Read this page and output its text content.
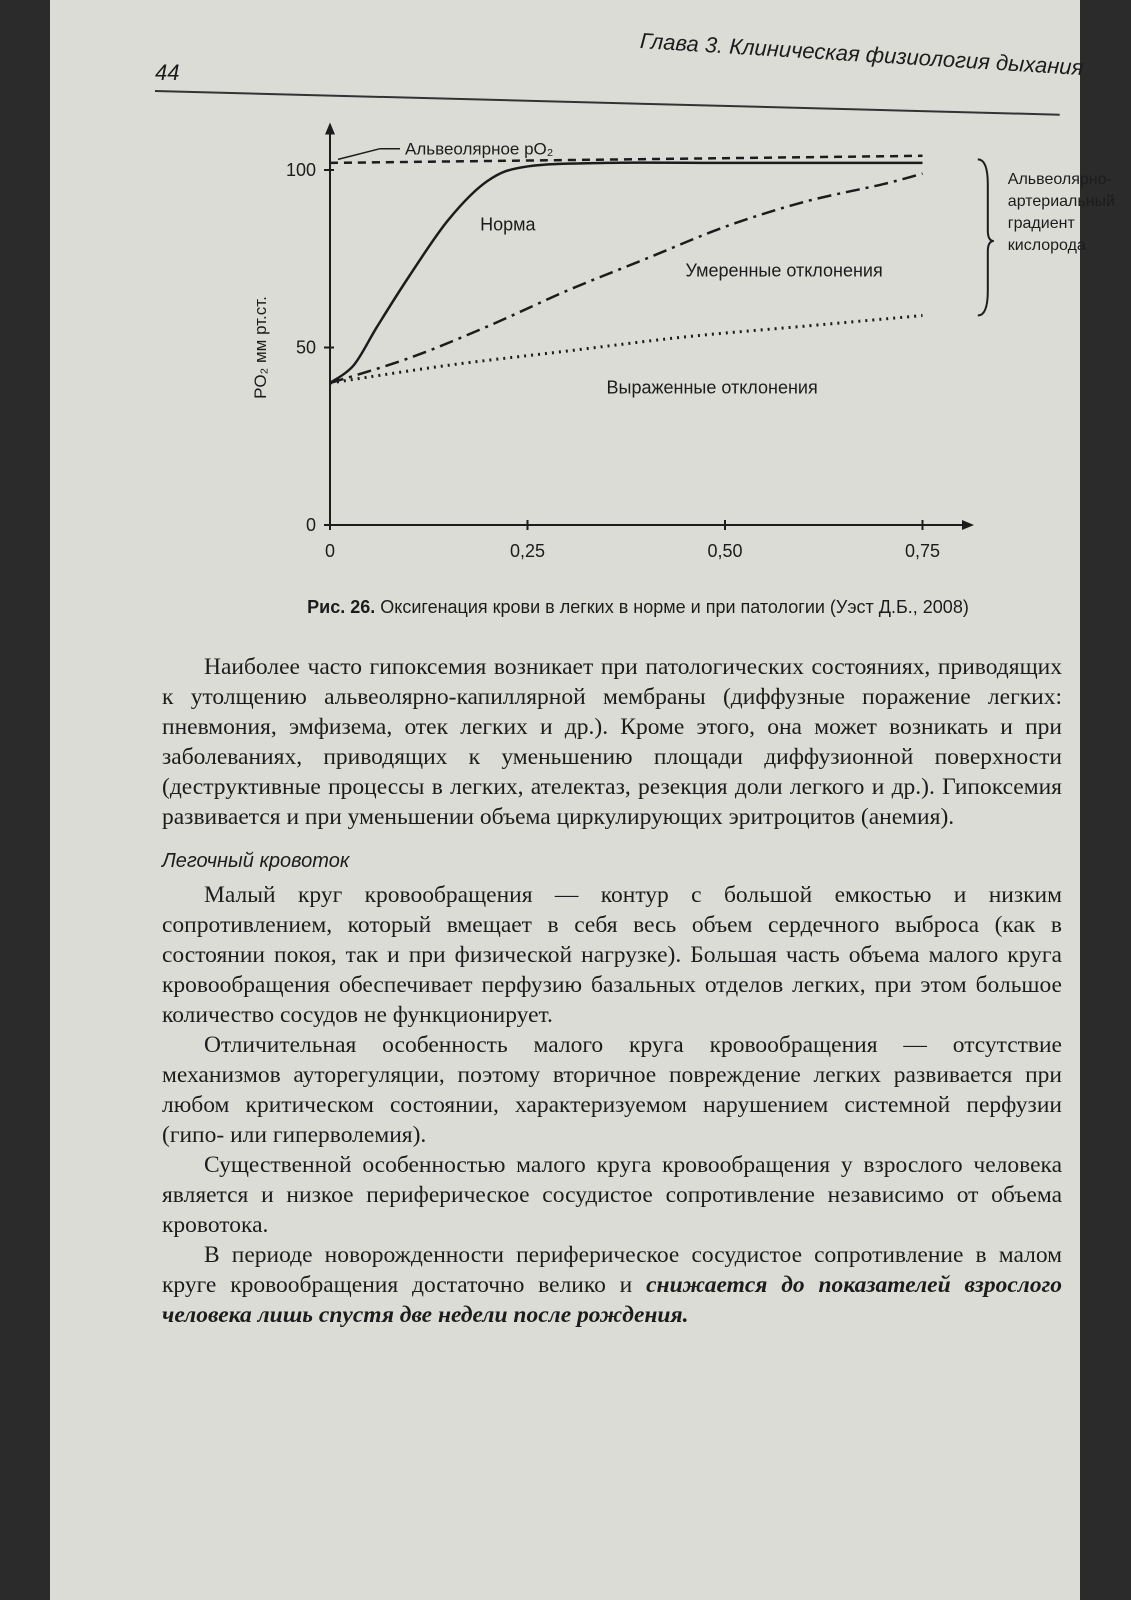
44	Глава 3. Клиническая физиология дыхания
0	0,25	0,50	0,75
0
50
100
PO₂ мм рт.ст.
Альвеолярное pO₂
Норма
Умеренные отклонения
Выраженные отклонения
Альвеолярно-
артериальный
градиент
кислорода
Рис. 26. Оксигенация крови в легких в норме и при патологии (Уэст Д.Б., 2008)

Наиболее часто гипоксемия возникает при патологических состояниях, приводящих к утолщению альвеолярно-капиллярной мембраны (диффузные поражение легких: пневмония, эмфизема, отек легких и др.). Кроме этого, она может возникать и при заболеваниях, приводящих к уменьшению площади диффузионной поверхности (деструктивные процессы в легких, ателектаз, резекция доли легкого и др.). Гипоксемия развивается и при уменьшении объема циркулирующих эритроцитов (анемия).

Легочный кровоток

Малый круг кровообращения — контур с большой емкостью и низким сопротивлением, который вмещает в себя весь объем сердечного выброса (как в состоянии покоя, так и при физической нагрузке). Большая часть объема малого круга кровообращения обеспечивает перфузию базальных отделов легких, при этом большое количество сосудов не функционирует.

Отличительная особенность малого круга кровообращения — отсутствие механизмов ауторегуляции, поэтому вторичное повреждение легких развивается при любом критическом состоянии, характеризуемом нарушением системной перфузии (гипо- или гиперволемия).

Существенной особенностью малого круга кровообращения у взрослого человека является и низкое периферическое сосудистое сопротивление независимо от объема кровотока.

В периоде новорожденности периферическое сосудистое сопротивление в малом круге кровообращения достаточно велико и снижается до показателей взрослого человека лишь спустя две недели после рождения.
